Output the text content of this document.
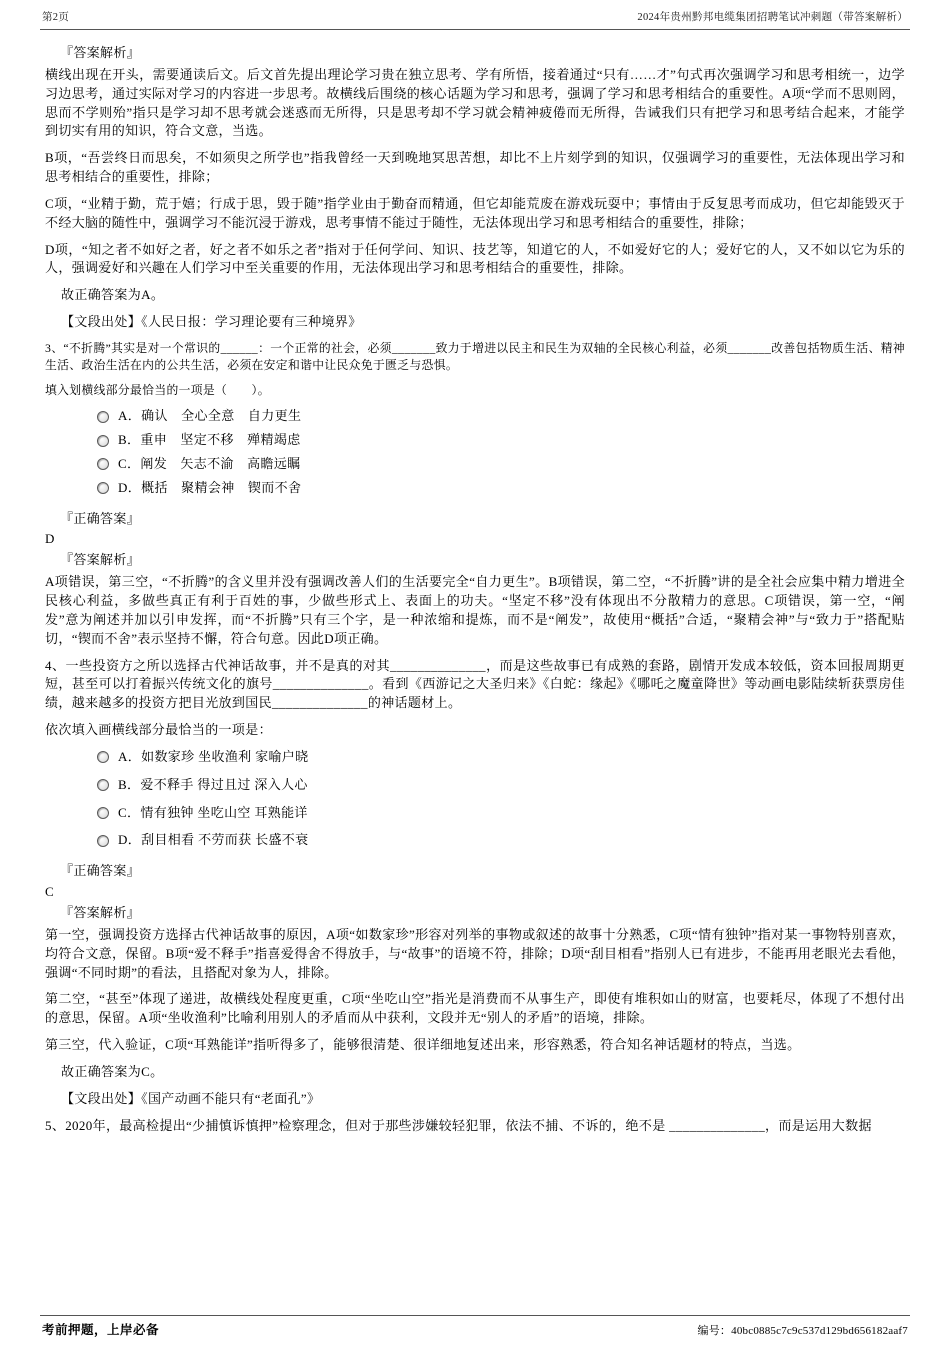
第2页	2024年贵州黔邦电缆集团招聘笔试冲刺题（带答案解析）
『答案解析』
横线出现在开头，需要通读后文。后文首先提出理论学习贵在独立思考、学有所悟，接着通过“只有……才”句式再次强调学习和思考相统一，边学习边思考，通过实际对学习的内容进一步思考。故横线后围绕的核心话题为学习和思考，强调了学习和思考相结合的重要性。A项“学而不思则罔，思而不学则殆”指只是学习却不思考就会迷惑而无所得，只是思考却不学习就会精神疲倦而无所得，告诫我们只有把学习和思考结合起来，才能学到切实有用的知识，符合文意，当选。
B项，“吾尝终日而思矣，不如须臾之所学也”指我曾经一天到晚地冥思苦想，却比不上片刻学到的知识，仅强调学习的重要性，无法体现出学习和思考相结合的重要性，排除；
C项，“业精于勤，荒于嬉；行成于思，毁于随”指学业由于勤奋而精通，但它却能荒废在游戏玩耍中；事情由于反复思考而成功，但它却能毁灭于不经大脑的随性中，强调学习不能沉浸于游戏，思考事情不能过于随性，无法体现出学习和思考相结合的重要性，排除；
D项，“知之者不如好之者，好之者不如乐之者”指对于任何学问、知识、技艺等，知道它的人，不如爱好它的人；爱好它的人，又不如以它为乐的人，强调爱好和兴趣在人们学习中至关重要的作用，无法体现出学习和思考相结合的重要性，排除。
故正确答案为A。
【文段出处】《人民日报：学习理论要有三种境界》
3、“不折腾”其实是对一个常识的______：一个正常的社会，必须_______致力于增进以民主和民生为双轴的全民核心利益，必须_______改善包括物质生活、精神生活、政治生活在内的公共生活，必须在安定和谐中让民众免于匮乏与恐惧。
填入划横线部分最恰当的一项是（　　）。
A．确认　全心全意　自力更生
B．重申　坚定不移　殚精竭虑
C．阐发　矢志不渝　高瞻远瞩
D．概括　聚精会神　锲而不舍
『正确答案』
D
『答案解析』
A项错误，第三空，“不折腾”的含义里并没有强调改善人们的生活要完全“自力更生”。B项错误，第二空，“不折腾”讲的是全社会应集中精力增进全民核心利益，多做些真正有利于百姓的事，少做些形式上、表面上的功夫。“坚定不移”没有体现出不分散精力的意思。C项错误，第一空，“阐发”意为阐述并加以引申发挥，而“不折腾”只有三个字，是一种浓缩和提炼，而不是“阐发”，故使用“概括”合适，“聚精会神”与“致力于”搭配贴切，“锲而不舍”表示坚持不懈，符合句意。因此D项正确。
4、一些投资方之所以选择古代神话故事，并不是真的对其______________，而是这些故事已有成熟的套路，剧情开发成本较低，资本回报周期更短，甚至可以打着振兴传统文化的旗号______________。看到《西游记之大圣归来》《白蛇：缘起》《哪吒之魔童降世》等动画电影陆续斩获票房佳绩，越来越多的投资方把目光放到国民______________的神话题材上。
依次填入画横线部分最恰当的一项是：
A．如数家珍 坐收渔利 家喻户晓
B．爱不释手 得过且过 深入人心
C．情有独钟 坐吃山空 耳熟能详
D．刮目相看 不劳而获 长盛不衰
『正确答案』
C
『答案解析』
第一空，强调投资方选择古代神话故事的原因，A项“如数家珍”形容对列举的事物或叙述的故事十分熟悉，C项“情有独钟”指对某一事物特别喜欢，均符合文意，保留。B项“爱不释手”指喜爱得舍不得放手，与“故事”的语境不符，排除；D项“刮目相看”指别人已有进步，不能再用老眼光去看他，强调“不同时期”的看法，且搭配对象为人，排除。
第二空，“甚至”体现了递进，故横线处程度更重，C项“坐吃山空”指光是消费而不从事生产，即使有堆积如山的财富，也要耗尽，体现了不想付出的意思，保留。A项“坐收渔利”比喻利用别人的矛盾而从中获利，文段并无“别人的矛盾”的语境，排除。
第三空，代入验证，C项“耳熟能详”指听得多了，能够很清楚、很详细地复述出来，形容熟悉，符合知名神话题材的特点，当选。
故正确答案为C。
【文段出处】《国产动画不能只有“老面孔”》
5、2020年，最高检提出“少捕慎诉慎押”检察理念，但对于那些涉嫌较轻犯罪，依法不捕、不诉的，绝不是 ______________，而是运用大数据
考前押题，上岸必备	编号：40bc0885c7c9c537d129bd656182aaf7
